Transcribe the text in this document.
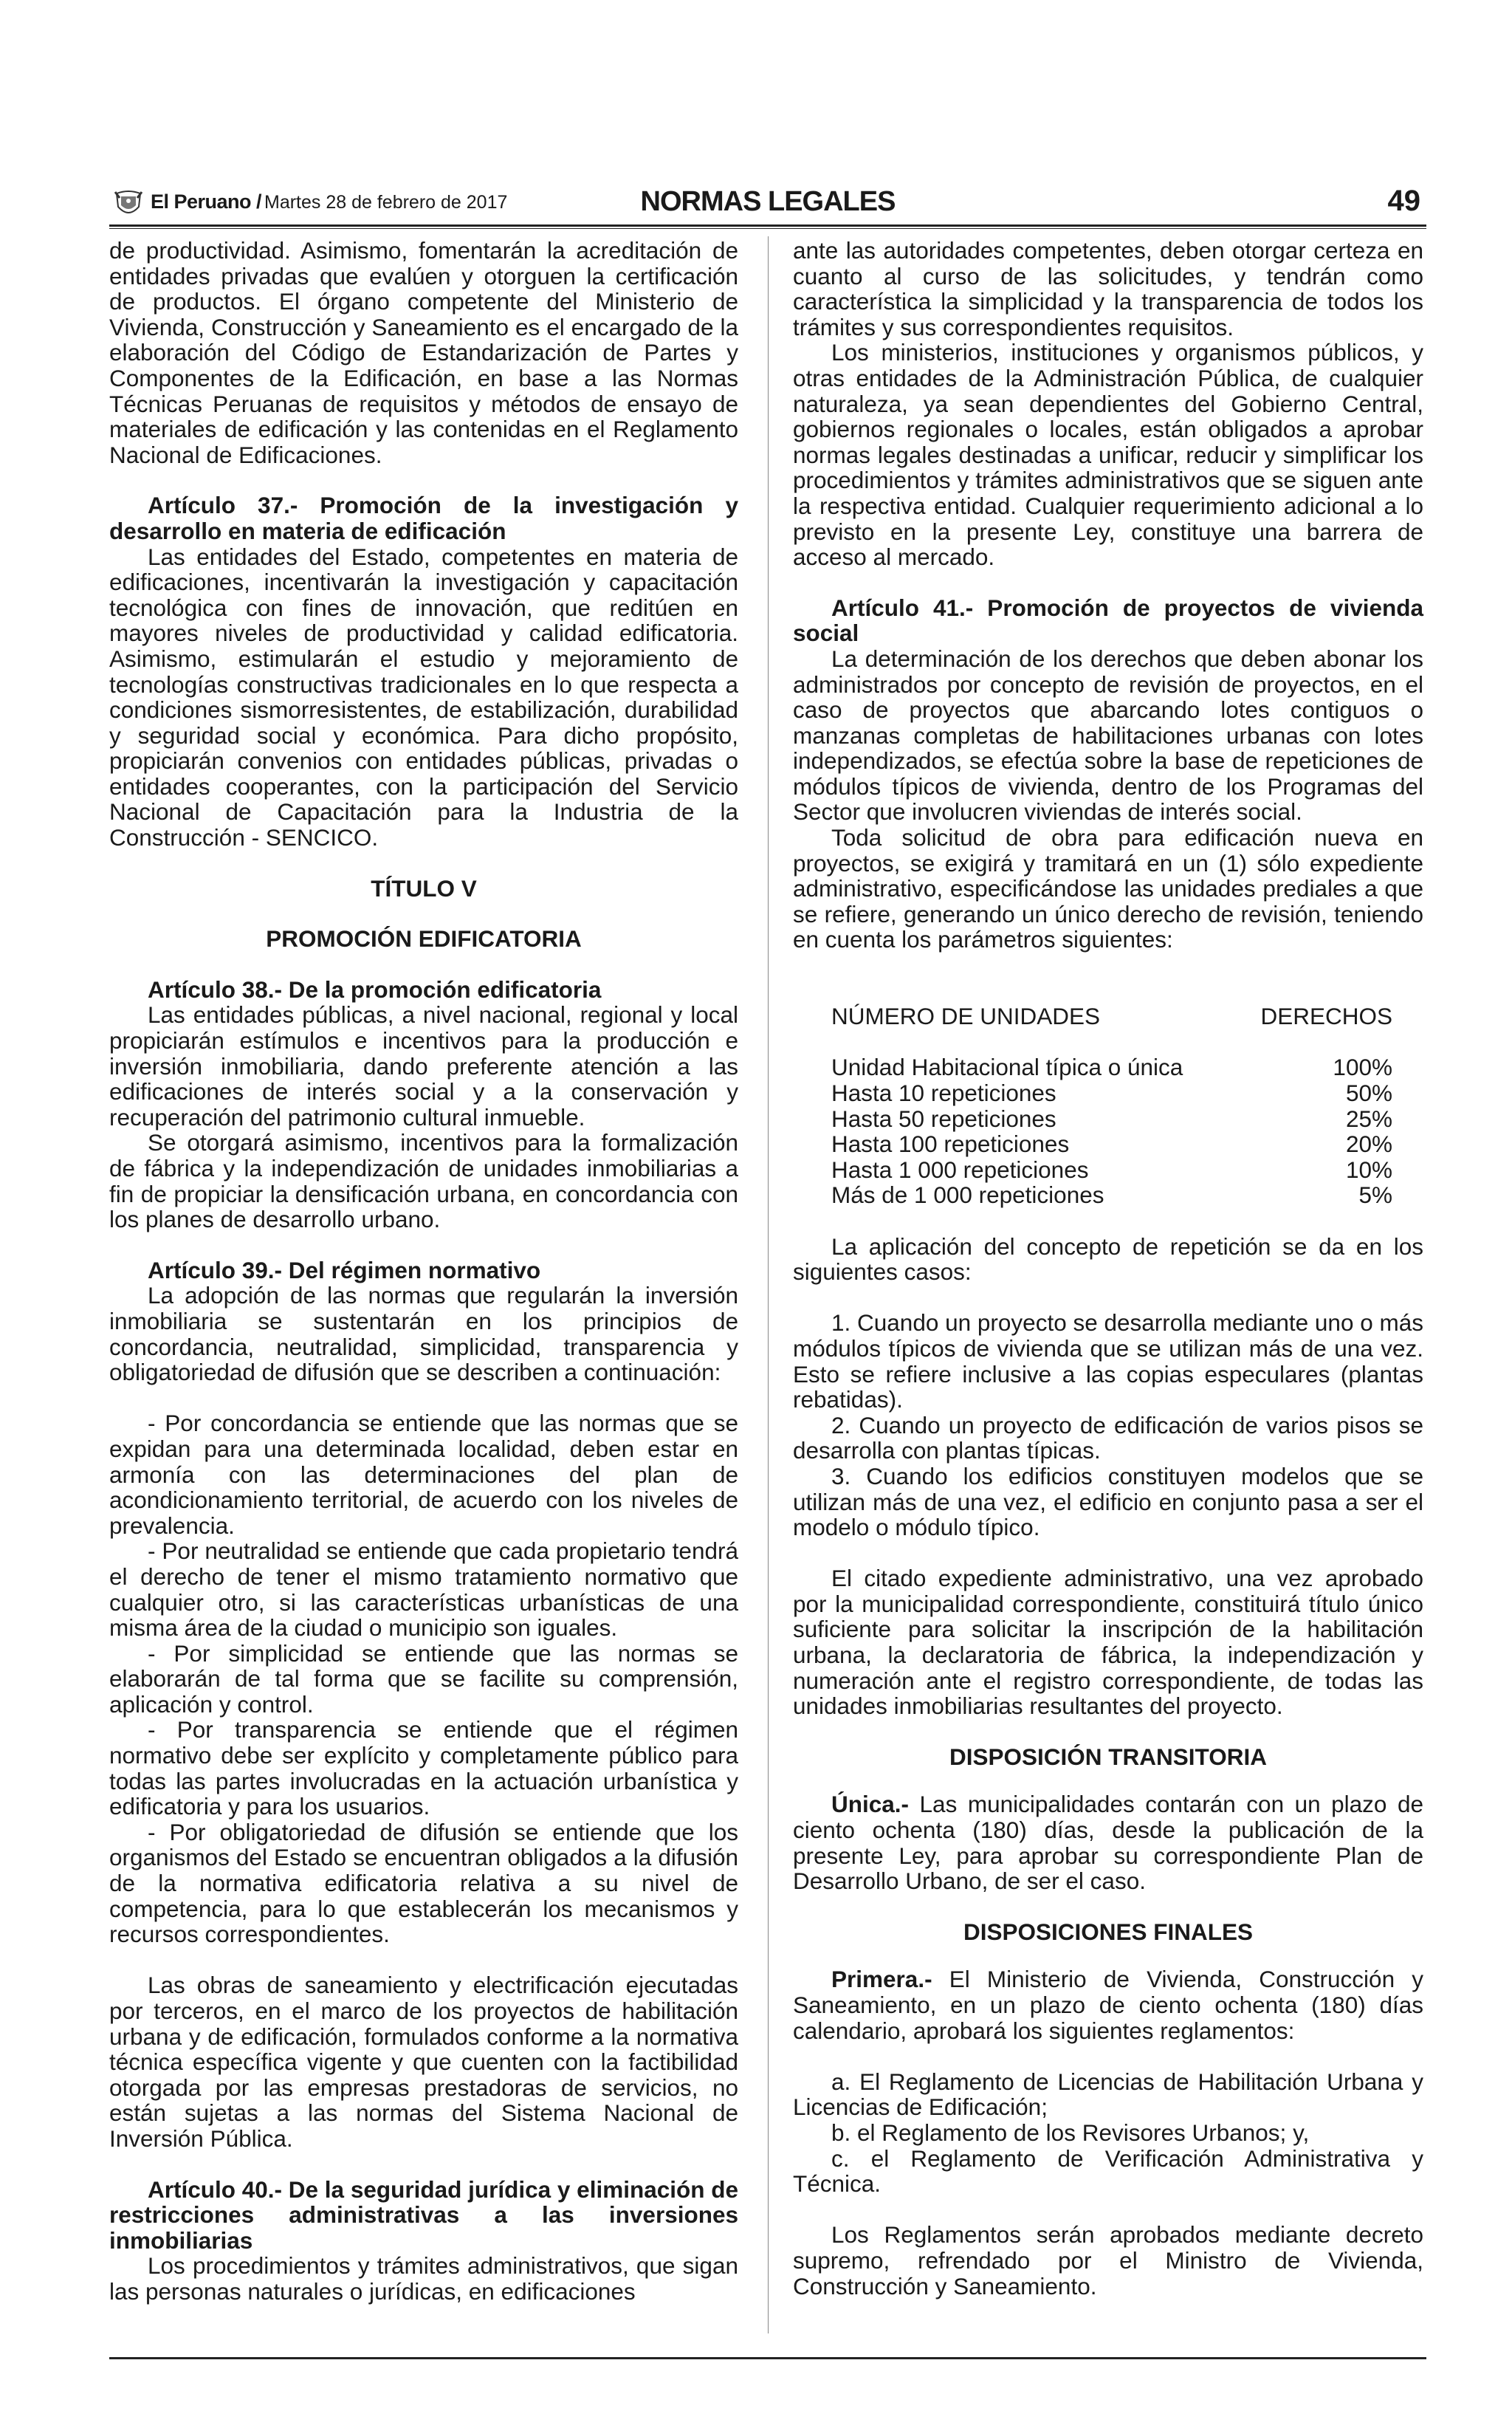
El Peruano / Martes 28 de febrero de 2017	NORMAS LEGALES	49

de productividad. Asimismo, fomentarán la acreditación de entidades privadas que evalúen y otorguen la certificación de productos. El órgano competente del Ministerio de Vivienda, Construcción y Saneamiento es el encargado de la elaboración del Código de Estandarización de Partes y Componentes de la Edificación, en base a las Normas Técnicas Peruanas de requisitos y métodos de ensayo de materiales de edificación y las contenidas en el Reglamento Nacional de Edificaciones.

Artículo 37.- Promoción de la investigación y desarrollo en materia de edificación

Las entidades del Estado, competentes en materia de edificaciones, incentivarán la investigación y capacitación tecnológica con fines de innovación, que reditúen en mayores niveles de productividad y calidad edificatoria. Asimismo, estimularán el estudio y mejoramiento de tecnologías constructivas tradicionales en lo que respecta a condiciones sismorresistentes, de estabilización, durabilidad y seguridad social y económica. Para dicho propósito, propiciarán convenios con entidades públicas, privadas o entidades cooperantes, con la participación del Servicio Nacional de Capacitación para la Industria de la Construcción - SENCICO.

TÍTULO V

PROMOCIÓN EDIFICATORIA

Artículo 38.- De la promoción edificatoria

Las entidades públicas, a nivel nacional, regional y local propiciarán estímulos e incentivos para la producción e inversión inmobiliaria, dando preferente atención a las edificaciones de interés social y a la conservación y recuperación del patrimonio cultural inmueble.

Se otorgará asimismo, incentivos para la formalización de fábrica y la independización de unidades inmobiliarias a fin de propiciar la densificación urbana, en concordancia con los planes de desarrollo urbano.

Artículo 39.- Del régimen normativo

La adopción de las normas que regularán la inversión inmobiliaria se sustentarán en los principios de concordancia, neutralidad, simplicidad, transparencia y obligatoriedad de difusión que se describen a continuación:

- Por concordancia se entiende que las normas que se expidan para una determinada localidad, deben estar en armonía con las determinaciones del plan de acondicionamiento territorial, de acuerdo con los niveles de prevalencia.

- Por neutralidad se entiende que cada propietario tendrá el derecho de tener el mismo tratamiento normativo que cualquier otro, si las características urbanísticas de una misma área de la ciudad o municipio son iguales.

- Por simplicidad se entiende que las normas se elaborarán de tal forma que se facilite su comprensión, aplicación y control.

- Por transparencia se entiende que el régimen normativo debe ser explícito y completamente público para todas las partes involucradas en la actuación urbanística y edificatoria y para los usuarios.

- Por obligatoriedad de difusión se entiende que los organismos del Estado se encuentran obligados a la difusión de la normativa edificatoria relativa a su nivel de competencia, para lo que establecerán los mecanismos y recursos correspondientes.

Las obras de saneamiento y electrificación ejecutadas por terceros, en el marco de los proyectos de habilitación urbana y de edificación, formulados conforme a la normativa técnica específica vigente y que cuenten con la factibilidad otorgada por las empresas prestadoras de servicios, no están sujetas a las normas del Sistema Nacional de Inversión Pública.

Artículo 40.- De la seguridad jurídica y eliminación de restricciones administrativas a las inversiones inmobiliarias

Los procedimientos y trámites administrativos, que sigan las personas naturales o jurídicas, en edificaciones

ante las autoridades competentes, deben otorgar certeza en cuanto al curso de las solicitudes, y tendrán como característica la simplicidad y la transparencia de todos los trámites y sus correspondientes requisitos.

Los ministerios, instituciones y organismos públicos, y otras entidades de la Administración Pública, de cualquier naturaleza, ya sean dependientes del Gobierno Central, gobiernos regionales o locales, están obligados a aprobar normas legales destinadas a unificar, reducir y simplificar los procedimientos y trámites administrativos que se siguen ante la respectiva entidad. Cualquier requerimiento adicional a lo previsto en la presente Ley, constituye una barrera de acceso al mercado.

Artículo 41.- Promoción de proyectos de vivienda social

La determinación de los derechos que deben abonar los administrados por concepto de revisión de proyectos, en el caso de proyectos que abarcando lotes contiguos o manzanas completas de habilitaciones urbanas con lotes independizados, se efectúa sobre la base de repeticiones de módulos típicos de vivienda, dentro de los Programas del Sector que involucren viviendas de interés social.

Toda solicitud de obra para edificación nueva en proyectos, se exigirá y tramitará en un (1) sólo expediente administrativo, especificándose las unidades prediales a que se refiere, generando un único derecho de revisión, teniendo en cuenta los parámetros siguientes:

NÚMERO DE UNIDADES	DERECHOS

Unidad Habitacional típica o única	100%
Hasta 10 repeticiones	50%
Hasta 50 repeticiones	25%
Hasta 100 repeticiones	20%
Hasta 1 000 repeticiones	10%
Más de 1 000 repeticiones	5%

La aplicación del concepto de repetición se da en los siguientes casos:

1. Cuando un proyecto se desarrolla mediante uno o más módulos típicos de vivienda que se utilizan más de una vez. Esto se refiere inclusive a las copias especulares (plantas rebatidas).

2. Cuando un proyecto de edificación de varios pisos se desarrolla con plantas típicas.

3. Cuando los edificios constituyen modelos que se utilizan más de una vez, el edificio en conjunto pasa a ser el modelo o módulo típico.

El citado expediente administrativo, una vez aprobado por la municipalidad correspondiente, constituirá título único suficiente para solicitar la inscripción de la habilitación urbana, la declaratoria de fábrica, la independización y numeración ante el registro correspondiente, de todas las unidades inmobiliarias resultantes del proyecto.

DISPOSICIÓN TRANSITORIA

Única.- Las municipalidades contarán con un plazo de ciento ochenta (180) días, desde la publicación de la presente Ley, para aprobar su correspondiente Plan de Desarrollo Urbano, de ser el caso.

DISPOSICIONES FINALES

Primera.- El Ministerio de Vivienda, Construcción y Saneamiento, en un plazo de ciento ochenta (180) días calendario, aprobará los siguientes reglamentos:

a. El Reglamento de Licencias de Habilitación Urbana y Licencias de Edificación;

b. el Reglamento de los Revisores Urbanos; y,

c. el Reglamento de Verificación Administrativa y Técnica.

Los Reglamentos serán aprobados mediante decreto supremo, refrendado por el Ministro de Vivienda, Construcción y Saneamiento.
